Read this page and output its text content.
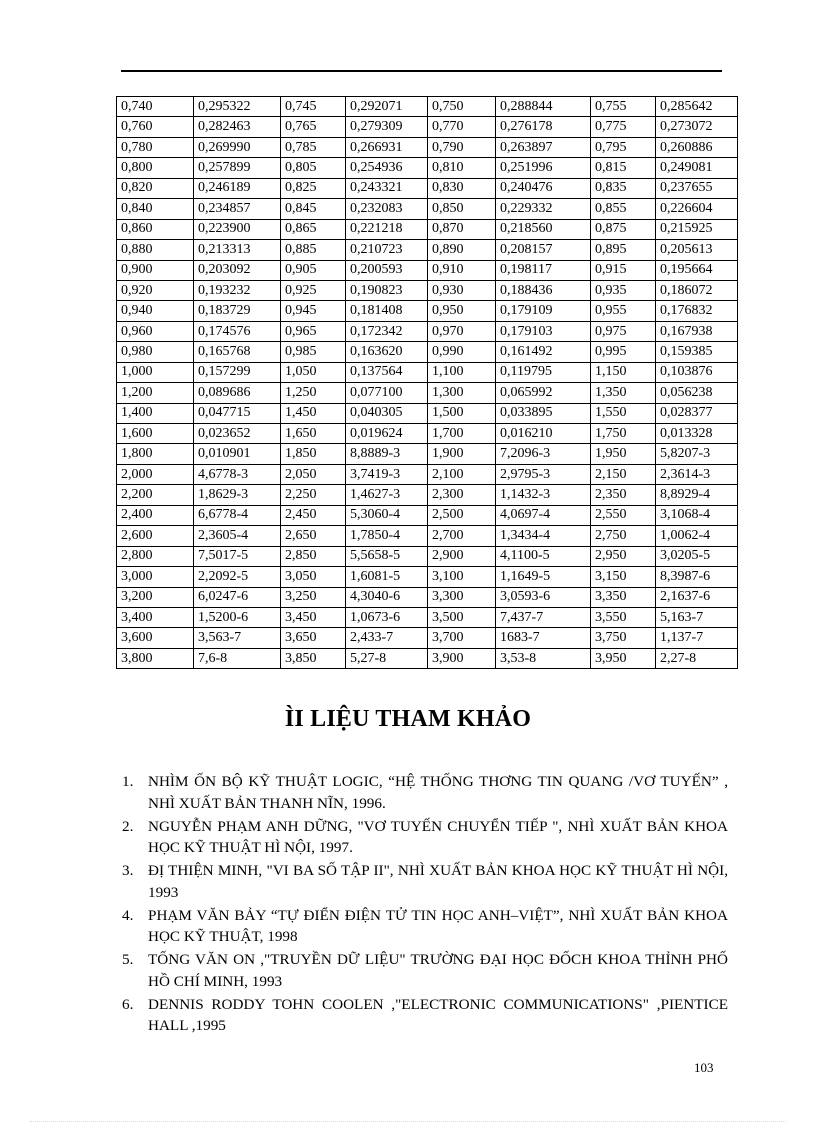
0,740	0,295322	0,745	0,292071	0,750	0,288844	0,755	0,285642
0,760	0,282463	0,765	0,279309	0,770	0,276178	0,775	0,273072
0,780	0,269990	0,785	0,266931	0,790	0,263897	0,795	0,260886
0,800	0,257899	0,805	0,254936	0,810	0,251996	0,815	0,249081
0,820	0,246189	0,825	0,243321	0,830	0,240476	0,835	0,237655
0,840	0,234857	0,845	0,232083	0,850	0,229332	0,855	0,226604
0,860	0,223900	0,865	0,221218	0,870	0,218560	0,875	0,215925
0,880	0,213313	0,885	0,210723	0,890	0,208157	0,895	0,205613
0,900	0,203092	0,905	0,200593	0,910	0,198117	0,915	0,195664
0,920	0,193232	0,925	0,190823	0,930	0,188436	0,935	0,186072
0,940	0,183729	0,945	0,181408	0,950	0,179109	0,955	0,176832
0,960	0,174576	0,965	0,172342	0,970	0,179103	0,975	0,167938
0,980	0,165768	0,985	0,163620	0,990	0,161492	0,995	0,159385
1,000	0,157299	1,050	0,137564	1,100	0,119795	1,150	0,103876
1,200	0,089686	1,250	0,077100	1,300	0,065992	1,350	0,056238
1,400	0,047715	1,450	0,040305	1,500	0,033895	1,550	0,028377
1,600	0,023652	1,650	0,019624	1,700	0,016210	1,750	0,013328
1,800	0,010901	1,850	8,8889-3	1,900	7,2096-3	1,950	5,8207-3
2,000	4,6778-3	2,050	3,7419-3	2,100	2,9795-3	2,150	2,3614-3
2,200	1,8629-3	2,250	1,4627-3	2,300	1,1432-3	2,350	8,8929-4
2,400	6,6778-4	2,450	5,3060-4	2,500	4,0697-4	2,550	3,1068-4
2,600	2,3605-4	2,650	1,7850-4	2,700	1,3434-4	2,750	1,0062-4
2,800	7,5017-5	2,850	5,5658-5	2,900	4,1100-5	2,950	3,0205-5
3,000	2,2092-5	3,050	1,6081-5	3,100	1,1649-5	3,150	8,3987-6
3,200	6,0247-6	3,250	4,3040-6	3,300	3,0593-6	3,350	2,1637-6
3,400	1,5200-6	3,450	1,0673-6	3,500	7,437-7	3,550	5,163-7
3,600	3,563-7	3,650	2,433-7	3,700	1683-7	3,750	1,137-7
3,800	7,6-8	3,850	5,27-8	3,900	3,53-8	3,950	2,27-8
ÌI LIỆU THAM KHẢO
1. NHÌM ỐN BỘ KỸ THUẬT LOGIC, “HỆ THỐNG THƠNG TIN QUANG /VƠ TUYẾN” , NHÌ XUẤT BẢN THANH NĨN, 1996.
2. NGUYỄN PHẠM ANH DỮNG, "VƠ TUYẾN CHUYỂN TIẾP ", NHÌ XUẤT BẢN KHOA HỌC KỸ THUẬT HÌ NỘI, 1997.
3. ĐỊ THIỆN MINH, "VI BA SỐ TẬP II", NHÌ XUẤT BẢN KHOA HỌC KỸ THUẬT HÌ NỘI, 1993
4. PHẠM VĂN BẢY “TỰ ĐIỂN ĐIỆN TỬ TIN HỌC ANH–VIỆT”, NHÌ XUẤT BẢN KHOA HỌC KỸ THUẬT, 1998
5. TỐNG VĂN ON ,"TRUYỀN DỮ LIỆU" TRƯỜNG ĐẠI HỌC ĐỐCH KHOA THỈNH PHỐ HỒ CHÍ MINH, 1993
6. DENNIS RODDY TOHN COOLEN ,"ELECTRONIC COMMUNICATIONS" ,PIENTICE HALL ,1995
103
